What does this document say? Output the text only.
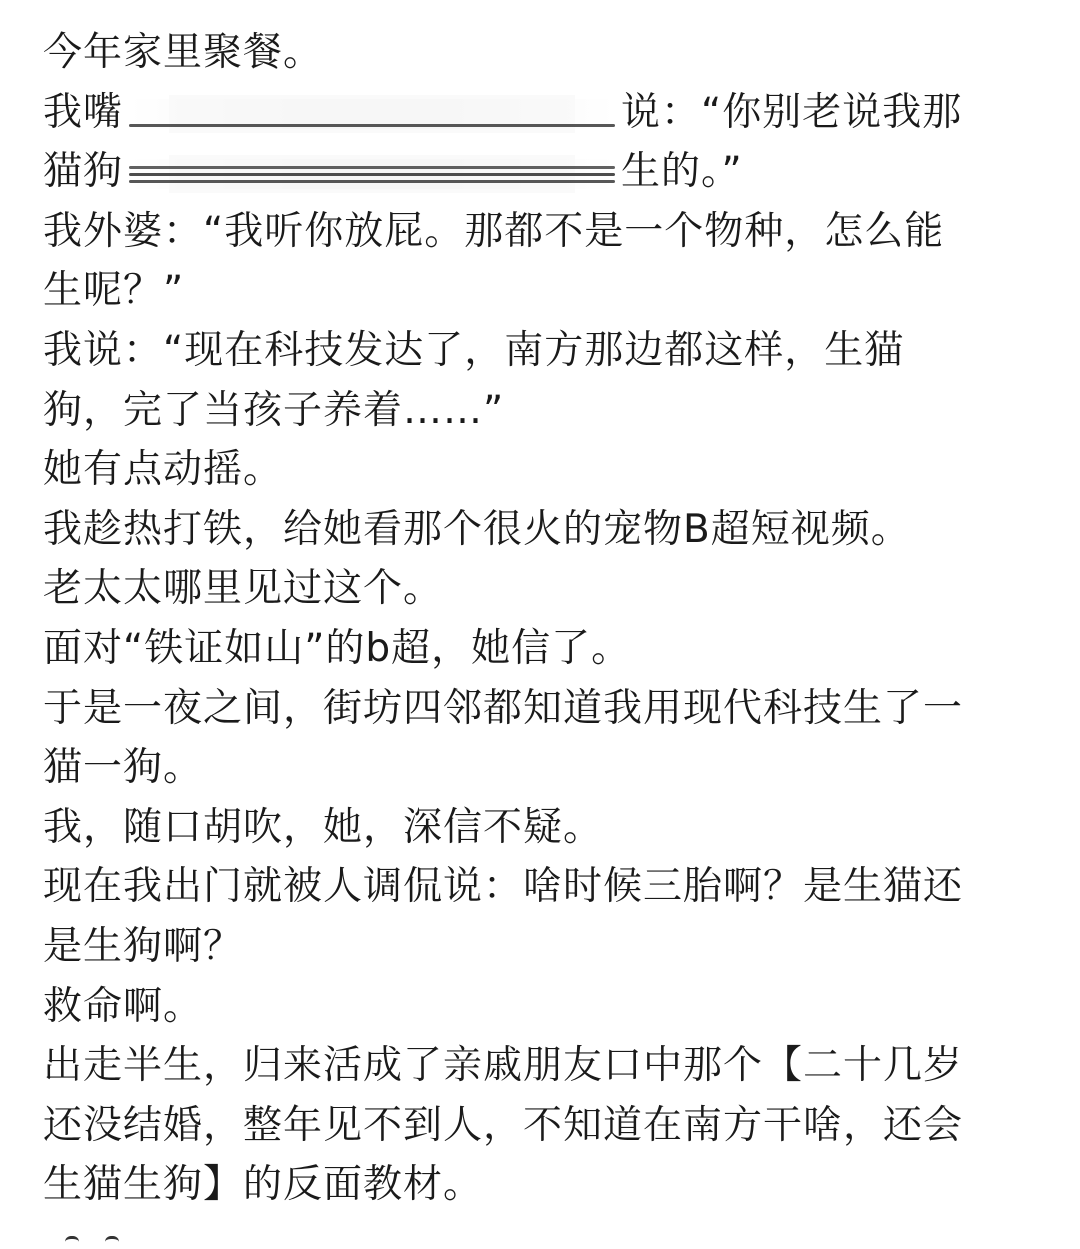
今年家里聚餐。
我嘴	说：“你别老说我那
猫狗	生的。”
我外婆：“我听你放屁。那都不是一个物种，怎么能
生呢？”
我说：“现在科技发达了，南方那边都这样，生猫
狗，完了当孩子养着……”
她有点动摇。
我趁热打铁，给她看那个很火的宠物B超短视频。
老太太哪里见过这个。
面对“铁证如山”的b超，她信了。
于是一夜之间，街坊四邻都知道我用现代科技生了一
猫一狗。
我，随口胡吹，她，深信不疑。
现在我出门就被人调侃说：啥时候三胎啊？是生猫还
是生狗啊？
救命啊。
出走半生，归来活成了亲戚朋友口中那个【二十几岁
还没结婚，整年见不到人，不知道在南方干啥，还会
生猫生狗】的反面教材。
